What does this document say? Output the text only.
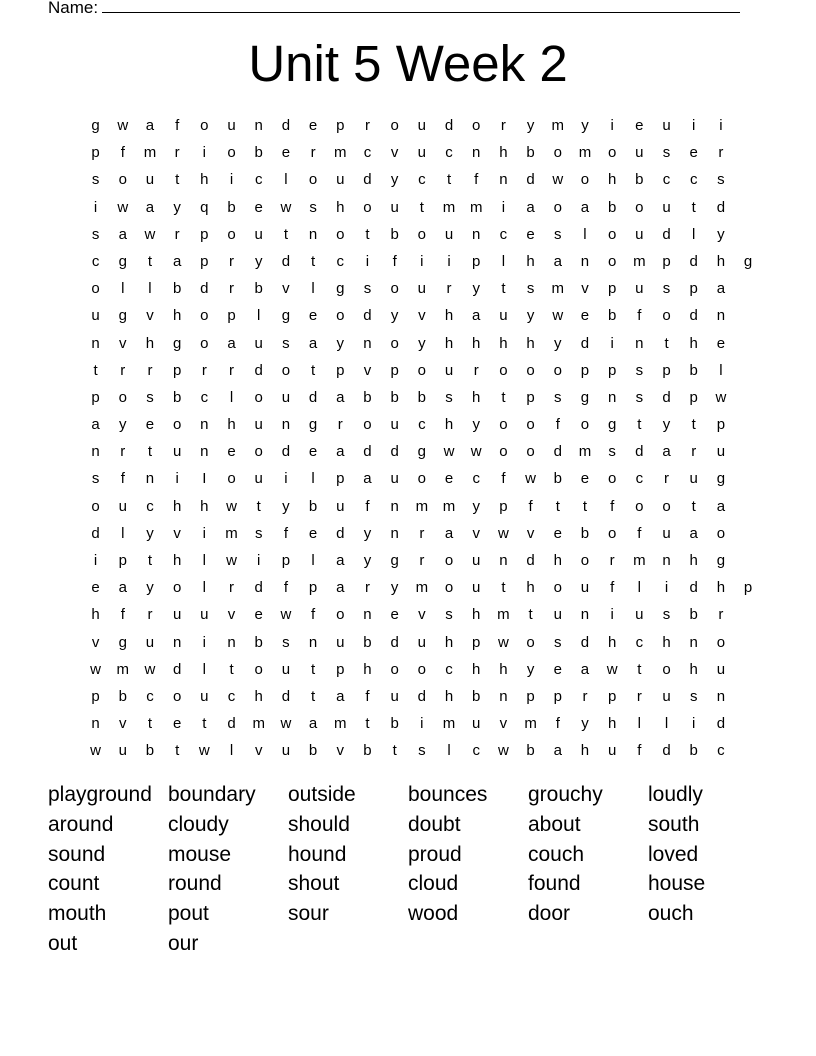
Name:
Unit 5 Week 2
g	w	a	f	o	u	n	d	e	p	r	o	u	d	o	r	y	m	y	i	e	u	i	i
p	f	m	r	i	o	b	e	r	m	c	v	u	c	n	h	b	o	m	o	u	s	e	r
s	o	u	t	h	i	c	l	o	u	d	y	c	t	f	n	d	w	o	h	b	c	c	s
i	w	a	y	q	b	e	w	s	h	o	u	t	m m	i	a	o	a	b	o	u	t	d
s	a	w	r	p	o	u	t	n	o	t	b	o	u	n	c	e	s	l	o	u	d	l	y
c	g	t	a	p	r	y	d	t	c	i	f	i	i	p	l	h	a	n	o	m	p	d	h	g
o	l	l	b	d	r	b	v	l	g	s	o	u	r	y	t	s	m	v	p	u	s	p	a
u	g	v	h	o	p	l	g	e	o	d	y	v	h	a	u	y	w	e	b	f	o	d	n
n	v	h	g	o	a	u	s	a	y	n	o	y	h	h	h	h	y	d	i	n	t	h	e
t	r	r	p	r	r	d	o	t	p	v	p	o	u	r	o	o	o	p	p	s	p	b	l
p	o	s	b	c	l	o	u	d	a	b	b	b	s	h	t	p	s	g	n	s	d	p	w
a	y	e	o	n	h	u	n	g	r	o	u	c	h	y	o	o	f	o	g	t	y	t	p
n	r	t	u	n	e	o	d	e	a	d	d	g	w	w	o	o	d	m	s	d	a	r	u
s	f	n	i	I	o	u	i	l	p	a	u	o	e	c	f	w	b	e	o	c	r	u	g
o	u	c	h	h	w	t	y	b	u	f	n	m m	y	p	f	t	t	f	o	o	t	a
d	l	y	v	i	m	s	f	e	d	y	n	r	a	v	w	v	e	b	o	f	u	a	o
i	p	t	h	l	w	i	p	l	a	y	g	r	o	u	n	d	h	o	r	m	n	h	g
e	a	y	o	l	r	d	f	p	a	r	y	m	o	u	t	h	o	u	f	l	i	d	h	p
h	f	r	u	u	v	e	w	f	o	n	e	v	s	h	m	t	u	n	i	u	s	b	r
v	g	u	n	i	n	b	s	n	u	b	d	u	h	p	w	o	s	d	h	c	h	n	o
w	m	w	d	l	t	o	u	t	p	h	o	o	c	h	h	y	e	a	w	t	o	h	u
p	b	c	o	u	c	h	d	t	a	f	u	d	h	b	n	p	p	r	p	r	u	s	n
n	v	t	e	t	d	m	w	a	m	t	b	i	m	u	v	m	f	y	h	l	l	i	d
w	u	b	t	w	l	v	u	b	v	b	t	s	l	c	w	b	a	h	u	f	d	b	c
playground boundary	outside	bounces	grouchy	loudly
around	cloudy	should	doubt	about	south
sound	mouse	hound	proud	couch	loved
count	round	shout	cloud	found	house
mouth	pout	sour	wood	door	ouch
out	our
